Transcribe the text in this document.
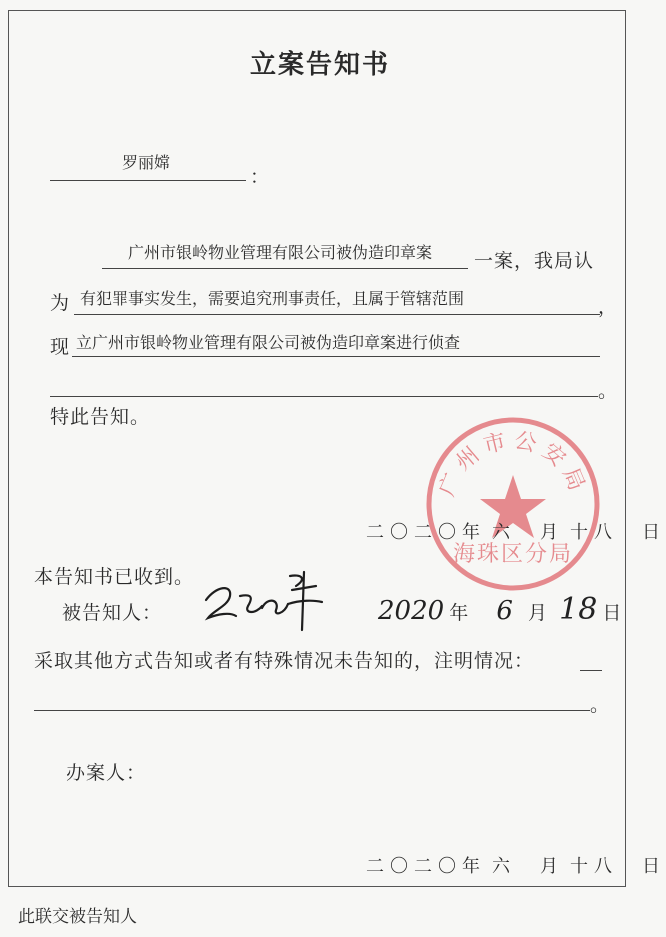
立案告知书
罗丽嫦
：
广州市银岭物业管理有限公司被伪造印章案 一案，我局认
为 有犯罪事实发生，需要追究刑事责任，且属于管辖范围	，
现 立广州市银岭物业管理有限公司被伪造印章案进行侦查
。
特此告知。
广州市公安局
海珠区分局
二〇二〇年 六　月 十八　日
本告知书已收到。
被告知人：	2020 年 6 月 18 日
采取其他方式告知或者有特殊情况未告知的，注明情况：
。
办案人：
二〇二〇年 六　月 十八　日
此联交被告知人
